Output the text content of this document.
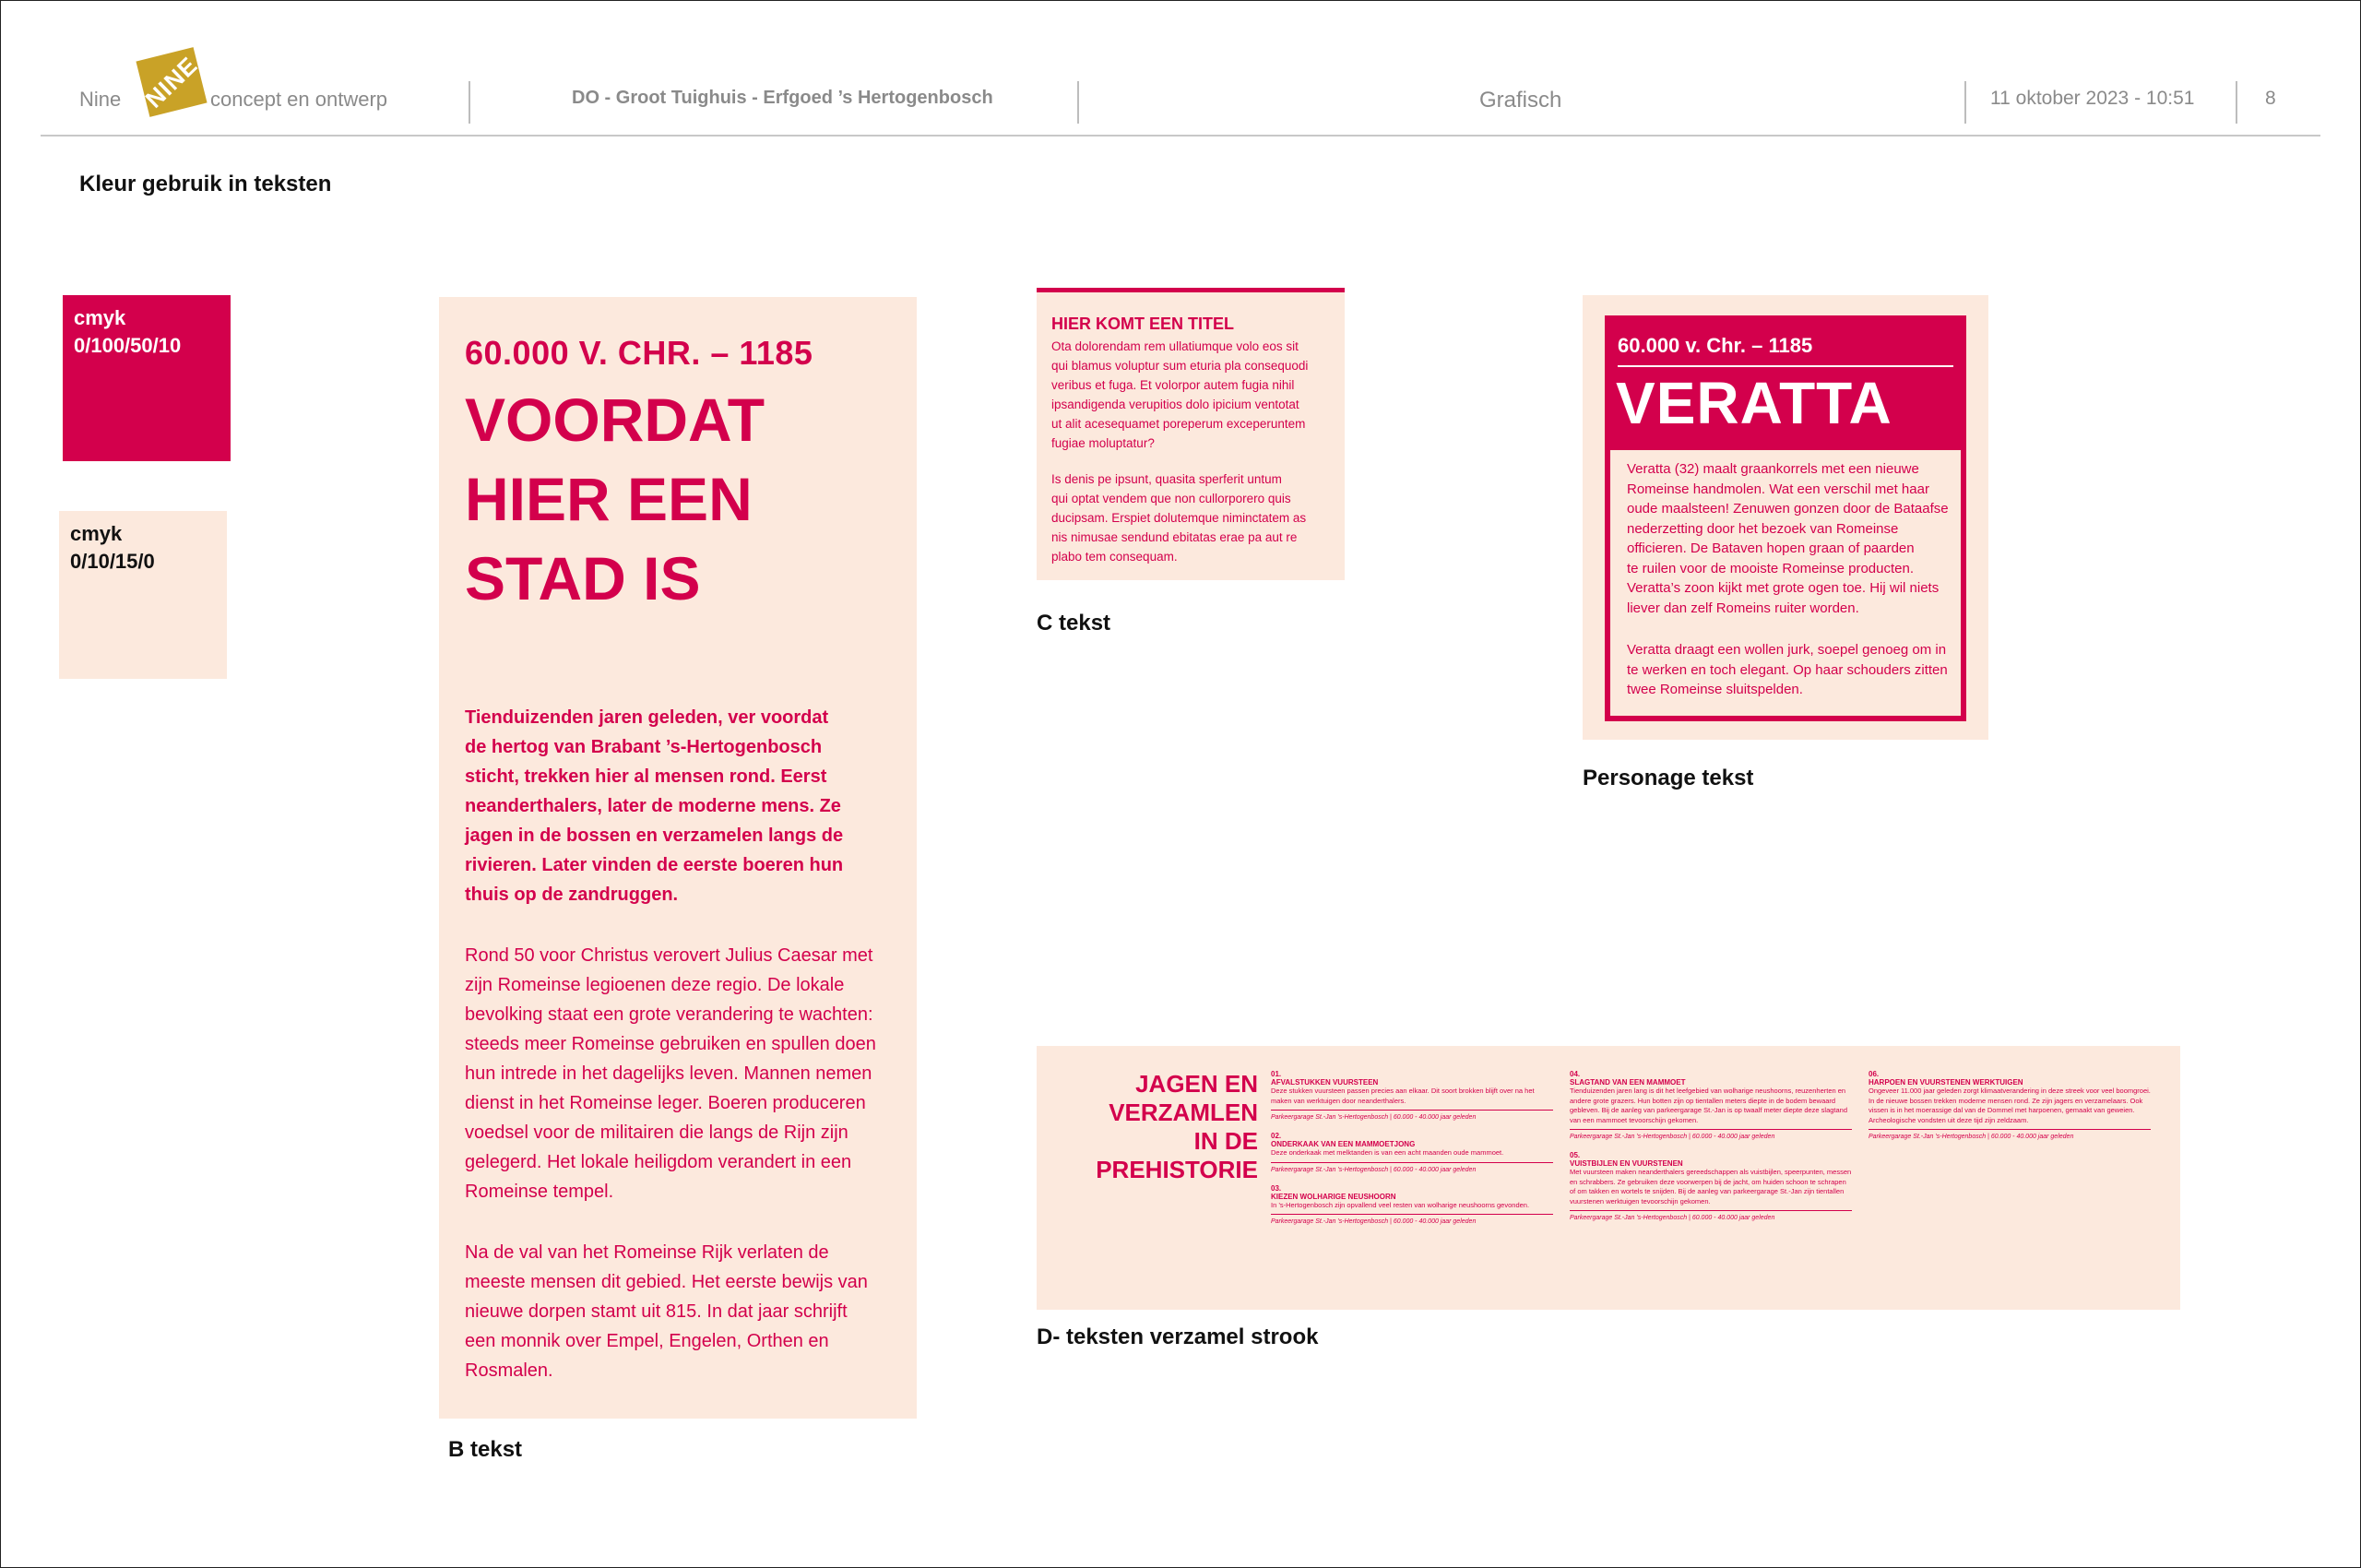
Nine NINE concept en ontwerp	DO - Groot Tuighuis - Erfgoed ’s Hertogenbosch	Grafisch	11 oktober 2023 - 10:51	8
Kleur gebruik in teksten
cmyk
0/100/50/10
cmyk
0/10/15/0
60.000 V. CHR. – 1185
VOORDAT
HIER EEN
STAD IS
Tienduizenden jaren geleden, ver voordat
de hertog van Brabant ’s-Hertogenbosch
sticht, trekken hier al mensen rond. Eerst
neanderthalers, later de moderne mens. Ze
jagen in de bossen en verzamelen langs de
rivieren. Later vinden de eerste boeren hun
thuis op de zandruggen.
Rond 50 voor Christus verovert Julius Caesar met
zijn Romeinse legioenen deze regio. De lokale
bevolking staat een grote verandering te wachten:
steeds meer Romeinse gebruiken en spullen doen
hun intrede in het dagelijks leven. Mannen nemen
dienst in het Romeinse leger. Boeren produceren
voedsel voor de militairen die langs de Rijn zijn
gelegerd. Het lokale heiligdom verandert in een
Romeinse tempel.
Na de val van het Romeinse Rijk verlaten de
meeste mensen dit gebied. Het eerste bewijs van
nieuwe dorpen stamt uit 815. In dat jaar schrijft
een monnik over Empel, Engelen, Orthen en
Rosmalen.
B tekst
HIER KOMT EEN TITEL
Ota dolorendam rem ullatiumque volo eos sit
qui blamus voluptur sum eturia pla consequodi
veribus et fuga. Et volorpor autem fugia nihil
ipsandigenda verupitios dolo ipicium ventotat
ut alit acesequamet poreperum exceperuntem
fugiae moluptatur?
Is denis pe ipsunt, quasita sperferit untum
qui optat vendem que non cullorporero quis
ducipsam. Erspiet dolutemque niminctatem as
nis nimusae sendund ebitatas erae pa aut re
plabo tem consequam.
C tekst
60.000 v. Chr. – 1185
VERATTA
Veratta (32) maalt graankorrels met een nieuwe
Romeinse handmolen. Wat een verschil met haar
oude maalsteen! Zenuwen gonzen door de Bataafse
nederzetting door het bezoek van Romeinse
officieren. De Bataven hopen graan of paarden
te ruilen voor de mooiste Romeinse producten.
Veratta’s zoon kijkt met grote ogen toe. Hij wil niets
liever dan zelf Romeins ruiter worden.
Veratta draagt een wollen jurk, soepel genoeg om in
te werken en toch elegant. Op haar schouders zitten
twee Romeinse sluitspelden.
Personage tekst
JAGEN EN
VERZAMLEN
IN DE
PREHISTORIE
01.
AFVALSTUKKEN VUURSTEEN
Deze stukken vuursteen passen precies aan elkaar. Dit soort brokken blijft over na het maken van werktuigen door neanderthalers.
Parkeergarage St.-Jan ’s-Hertogenbosch | 60.000 - 40.000 jaar geleden
02.
ONDERKAAK VAN EEN MAMMOETJONG
Deze onderkaak met melktanden is van een acht maanden oude mammoet.
Parkeergarage St.-Jan ’s-Hertogenbosch | 60.000 - 40.000 jaar geleden
03.
KIEZEN WOLHARIGE NEUSHOORN
In ’s-Hertogenbosch zijn opvallend veel resten van wolharige neushoorns gevonden.
Parkeergarage St.-Jan ’s-Hertogenbosch | 60.000 - 40.000 jaar geleden
04.
SLAGTAND VAN EEN MAMMOET
Tienduizenden jaren lang is dit het leefgebied van wolharige neushoorns, reuzenherten en andere grote grazers. Hun botten zijn op tientallen meters diepte in de bodem bewaard gebleven. Bij de aanleg van parkeergarage St.-Jan is op twaalf meter diepte deze slagtand van een mammoet tevoorschijn gekomen.
Parkeergarage St.-Jan ’s-Hertogenbosch | 60.000 - 40.000 jaar geleden
05.
VUISTBIJLEN EN VUURSTENEN
Met vuursteen maken neanderthalers gereedschappen als vuistbijlen, speerpunten, messen en schrabbers. Ze gebruiken deze voorwerpen bij de jacht, om huiden schoon te schrapen of om takken en wortels te snijden. Bij de aanleg van parkeergarage St.-Jan zijn tientallen vuurstenen werktuigen tevoorschijn gekomen.
Parkeergarage St.-Jan ’s-Hertogenbosch | 60.000 - 40.000 jaar geleden
06.
HARPOEN EN VUURSTENEN WERKTUIGEN
Ongeveer 11.000 jaar geleden zorgt klimaatverandering in deze streek voor veel boomgroei. In de nieuwe bossen trekken moderne mensen rond. Ze zijn jagers en verzamelaars. Ook vissen is in het moerassige dal van de Dommel met harpoenen, gemaakt van geweien. Archeologische vondsten uit deze tijd zijn zeldzaam.
Parkeergarage St.-Jan ’s-Hertogenbosch | 60.000 - 40.000 jaar geleden
D- teksten verzamel strook
